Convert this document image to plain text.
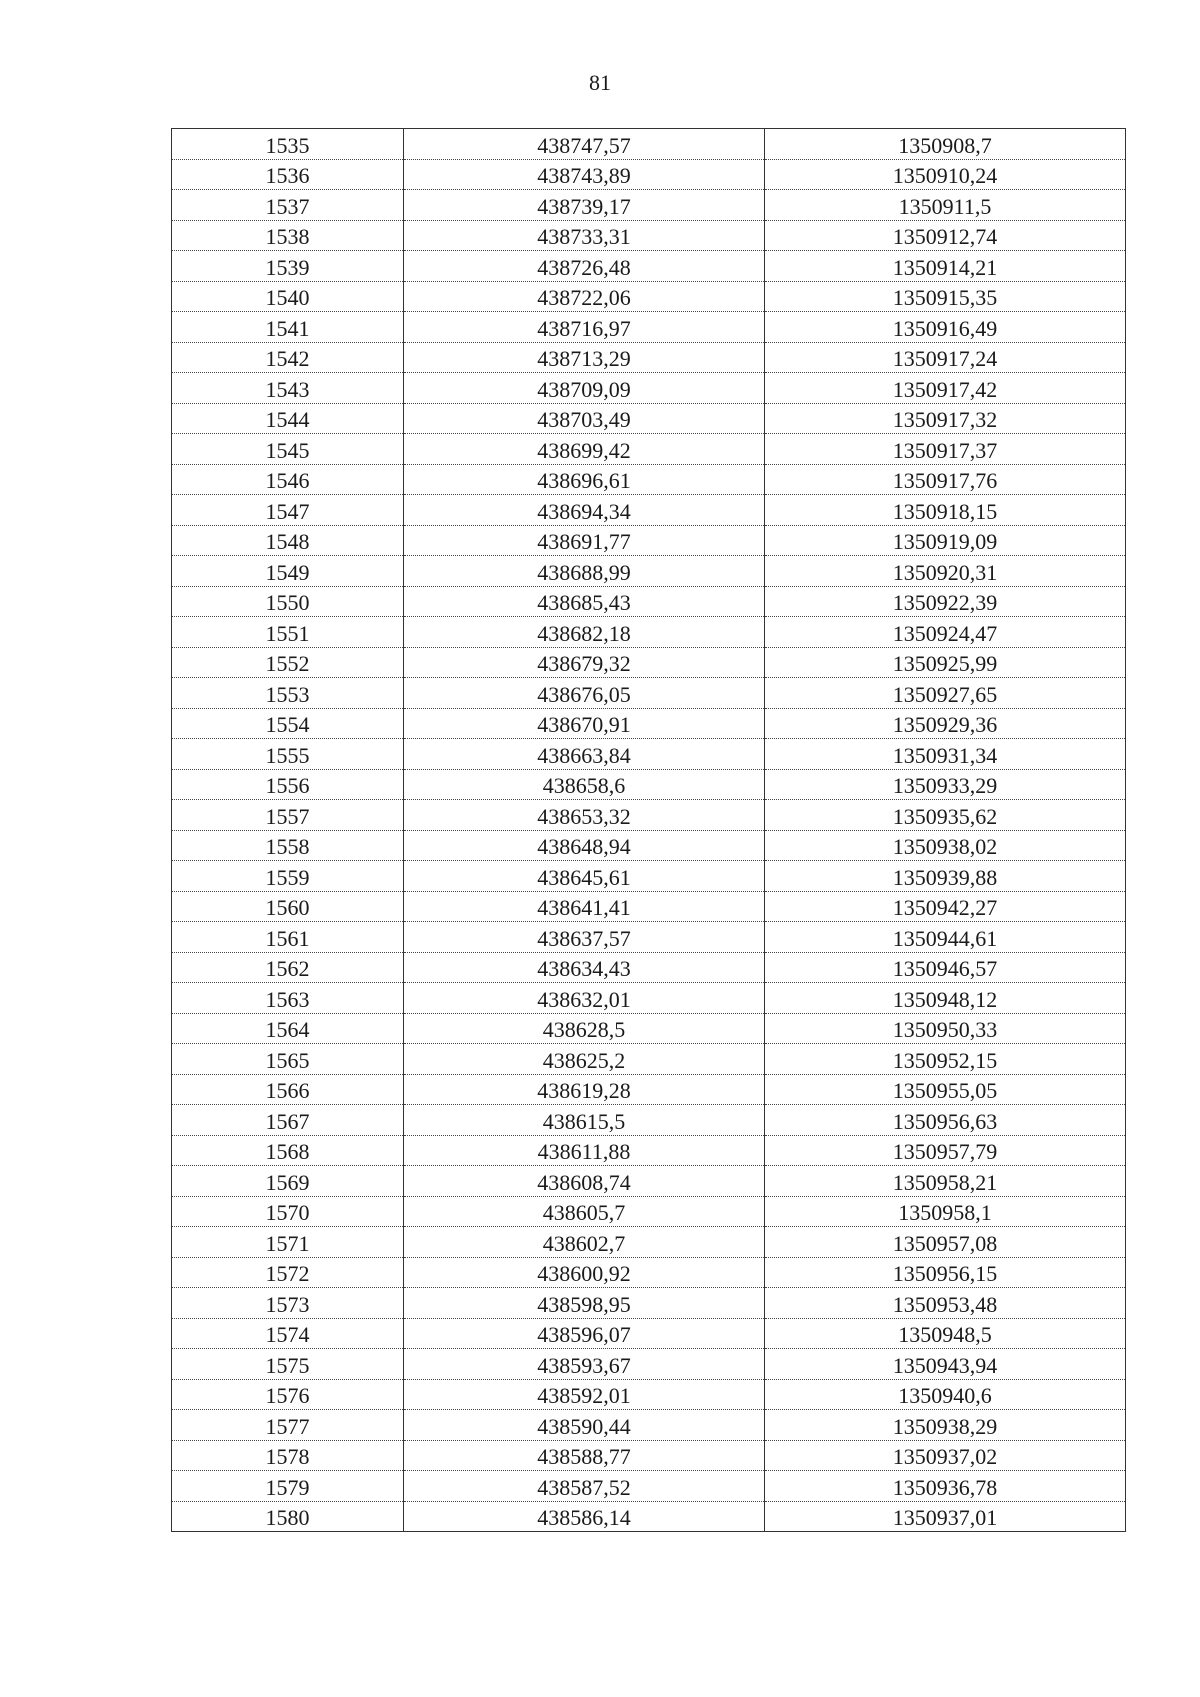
81
1535	438747,57	1350908,7
1536	438743,89	1350910,24
1537	438739,17	1350911,5
1538	438733,31	1350912,74
1539	438726,48	1350914,21
1540	438722,06	1350915,35
1541	438716,97	1350916,49
1542	438713,29	1350917,24
1543	438709,09	1350917,42
1544	438703,49	1350917,32
1545	438699,42	1350917,37
1546	438696,61	1350917,76
1547	438694,34	1350918,15
1548	438691,77	1350919,09
1549	438688,99	1350920,31
1550	438685,43	1350922,39
1551	438682,18	1350924,47
1552	438679,32	1350925,99
1553	438676,05	1350927,65
1554	438670,91	1350929,36
1555	438663,84	1350931,34
1556	438658,6	1350933,29
1557	438653,32	1350935,62
1558	438648,94	1350938,02
1559	438645,61	1350939,88
1560	438641,41	1350942,27
1561	438637,57	1350944,61
1562	438634,43	1350946,57
1563	438632,01	1350948,12
1564	438628,5	1350950,33
1565	438625,2	1350952,15
1566	438619,28	1350955,05
1567	438615,5	1350956,63
1568	438611,88	1350957,79
1569	438608,74	1350958,21
1570	438605,7	1350958,1
1571	438602,7	1350957,08
1572	438600,92	1350956,15
1573	438598,95	1350953,48
1574	438596,07	1350948,5
1575	438593,67	1350943,94
1576	438592,01	1350940,6
1577	438590,44	1350938,29
1578	438588,77	1350937,02
1579	438587,52	1350936,78
1580	438586,14	1350937,01
